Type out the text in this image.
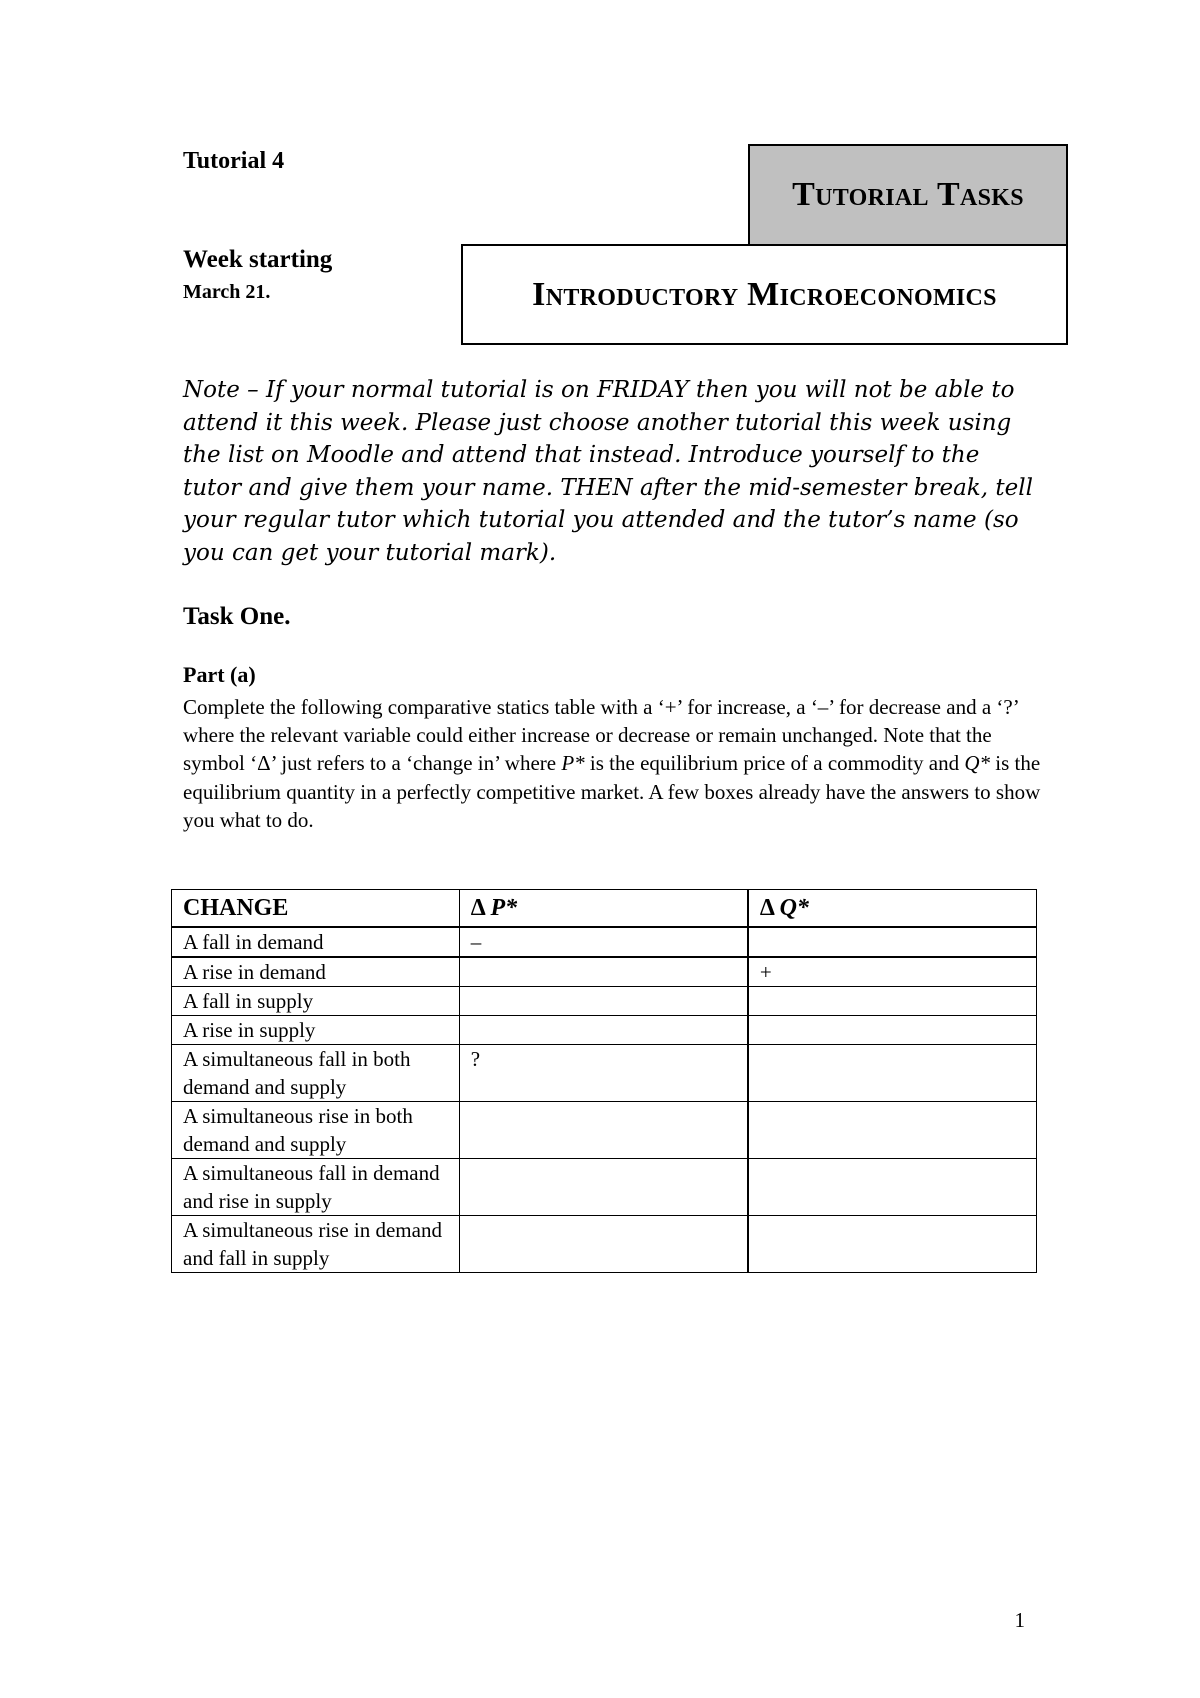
Tutorial 4
Week starting
March 21.
Tutorial Tasks
Introductory Microeconomics
Note – If your normal tutorial is on FRIDAY then you will not be able to attend it this week. Please just choose another tutorial this week using the list on Moodle and attend that instead. Introduce yourself to the tutor and give them your name. THEN after the mid-semester break, tell your regular tutor which tutorial you attended and the tutor’s name (so you can get your tutorial mark).
Task One.
Part (a)
Complete the following comparative statics table with a ‘+’ for increase, a ‘–’ for decrease and a ‘?’ where the relevant variable could either increase or decrease or remain unchanged. Note that the symbol ‘Δ’ just refers to a ‘change in’ where P* is the equilibrium price of a commodity and Q* is the equilibrium quantity in a perfectly competitive market. A few boxes already have the answers to show you what to do.
CHANGE	Δ P*	Δ Q*
A fall in demand	–	
A rise in demand		+
A fall in supply		
A rise in supply		
A simultaneous fall in both demand and supply	?	
A simultaneous rise in both demand and supply		
A simultaneous fall in demand and rise in supply		
A simultaneous rise in demand and fall in supply		
1
